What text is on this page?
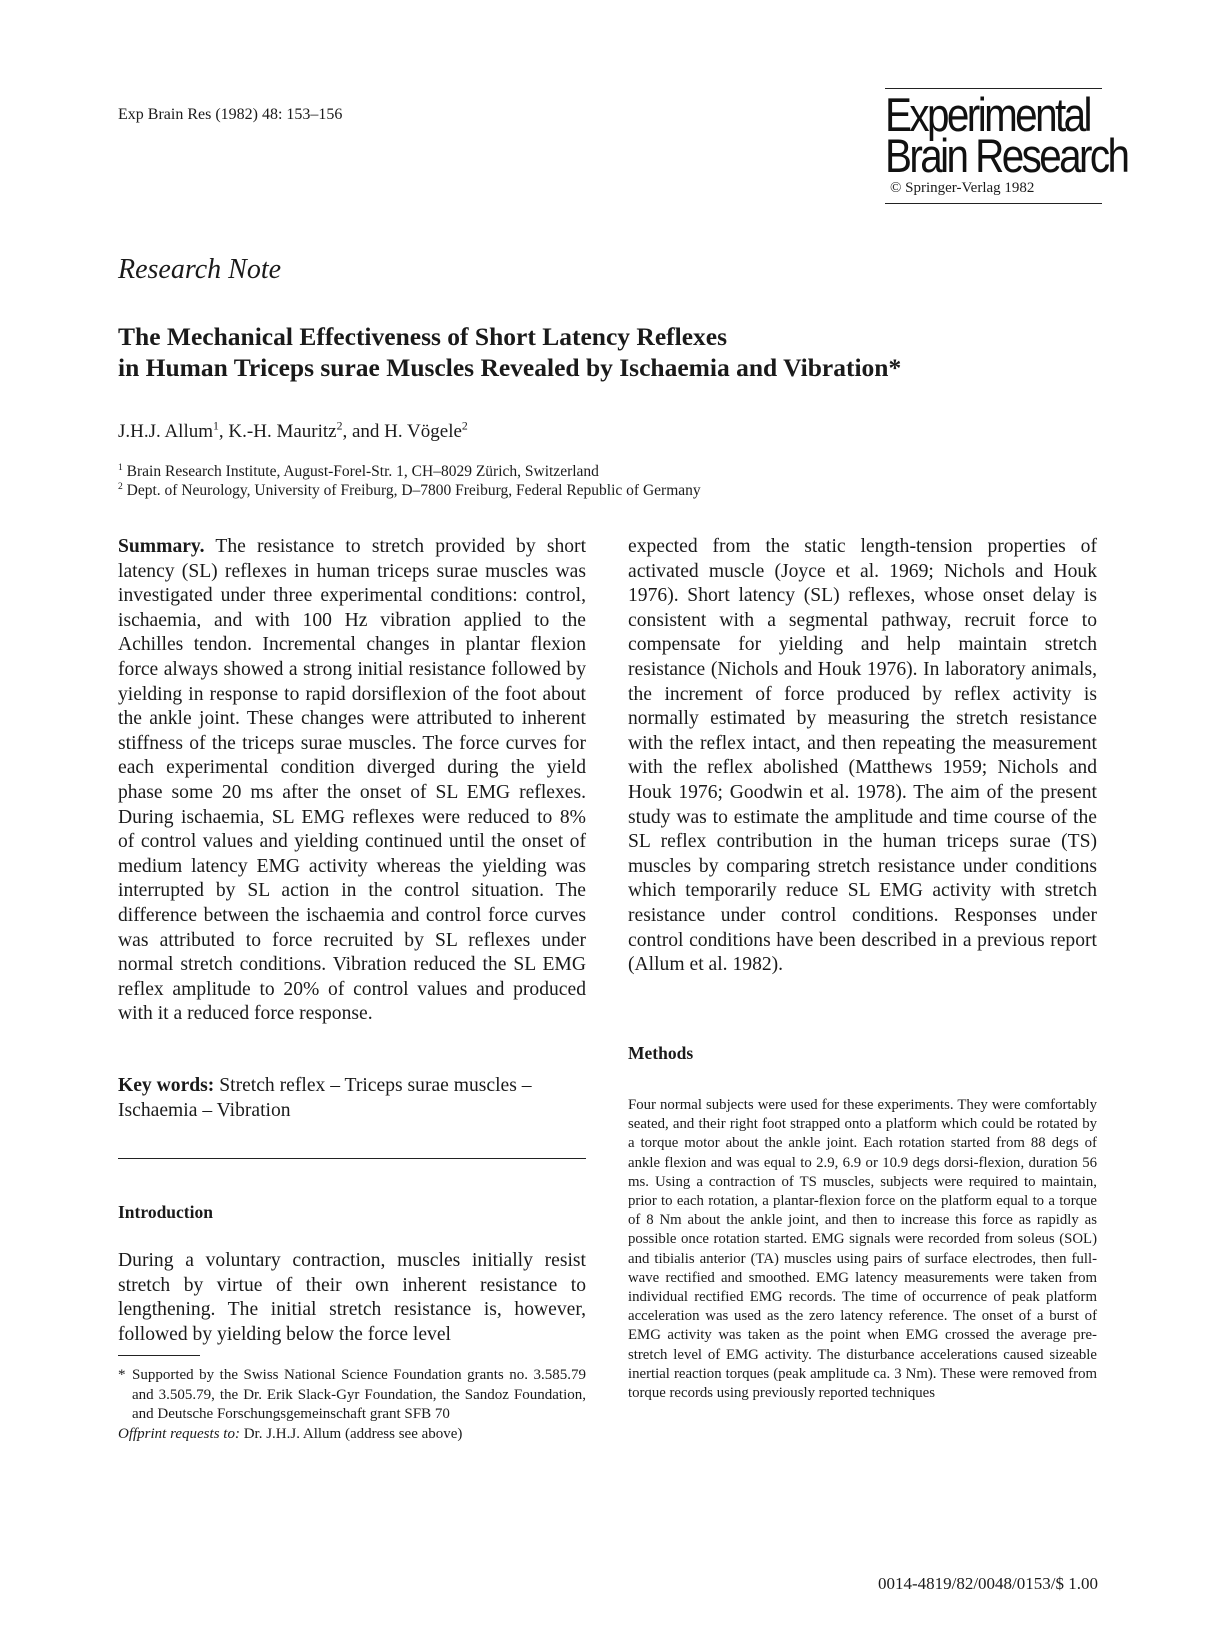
Exp Brain Res (1982) 48: 153–156	Experimental
Brain Research
© Springer-Verlag 1982
Research Note
The Mechanical Effectiveness of Short Latency Reflexes
in Human Triceps surae Muscles Revealed by Ischaemia and Vibration*
J.H.J. Allum$^1$, K.-H. Mauritz$^2$, and H. Vögele$^2$
$^1$ Brain Research Institute, August-Forel-Str. 1, CH–8029 Zürich, Switzerland
$^2$ Dept. of Neurology, University of Freiburg, D–7800 Freiburg, Federal Republic of Germany
Summary. The resistance to stretch provided by short latency (SL) reflexes in human triceps surae muscles was investigated under three experimental conditions: control, ischaemia, and with 100 Hz vibration applied to the Achilles tendon. Incremental changes in plantar flexion force always showed a strong initial resistance followed by yielding in response to rapid dorsiflexion of the foot about the ankle joint. These changes were attributed to inherent stiffness of the triceps surae muscles. The force curves for each experimental condition diverged during the yield phase some 20 ms after the onset of SL EMG reflexes. During ischaemia, SL EMG reflexes were reduced to 8% of control values and yielding continued until the onset of medium latency EMG activity whereas the yielding was interrupted by SL action in the control situation. The difference between the ischaemia and control force curves was attributed to force recruited by SL reflexes under normal stretch conditions. Vibration reduced the SL EMG reflex amplitude to 20% of control values and produced with it a reduced force response.
Key words: Stretch reflex – Triceps surae muscles – Ischaemia – Vibration
Introduction
During a voluntary contraction, muscles initially resist stretch by virtue of their own inherent resistance to lengthening. The initial stretch resistance is, however, followed by yielding below the force level
* Supported by the Swiss National Science Foundation grants no. 3.585.79 and 3.505.79, the Dr. Erik Slack-Gyr Foundation, the Sandoz Foundation, and Deutsche Forschungsgemeinschaft grant SFB 70
Offprint requests to: Dr. J.H.J. Allum (address see above)
expected from the static length-tension properties of activated muscle (Joyce et al. 1969; Nichols and Houk 1976). Short latency (SL) reflexes, whose onset delay is consistent with a segmental pathway, recruit force to compensate for yielding and help maintain stretch resistance (Nichols and Houk 1976). In laboratory animals, the increment of force produced by reflex activity is normally estimated by measuring the stretch resistance with the reflex intact, and then repeating the measurement with the reflex abolished (Matthews 1959; Nichols and Houk 1976; Goodwin et al. 1978). The aim of the present study was to estimate the amplitude and time course of the SL reflex contribution in the human triceps surae (TS) muscles by comparing stretch resistance under conditions which temporarily reduce SL EMG activity with stretch resistance under control conditions. Responses under control conditions have been described in a previous report (Allum et al. 1982).
Methods
Four normal subjects were used for these experiments. They were comfortably seated, and their right foot strapped onto a platform which could be rotated by a torque motor about the ankle joint. Each rotation started from 88 degs of ankle flexion and was equal to 2.9, 6.9 or 10.9 degs dorsi-flexion, duration 56 ms. Using a contraction of TS muscles, subjects were required to maintain, prior to each rotation, a plantar-flexion force on the platform equal to a torque of 8 Nm about the ankle joint, and then to increase this force as rapidly as possible once rotation started. EMG signals were recorded from soleus (SOL) and tibialis anterior (TA) muscles using pairs of surface electrodes, then full-wave rectified and smoothed. EMG latency measurements were taken from individual rectified EMG records. The time of occurrence of peak platform acceleration was used as the zero latency reference. The onset of a burst of EMG activity was taken as the point when EMG crossed the average pre-stretch level of EMG activity. The disturbance accelerations caused sizeable inertial reaction torques (peak amplitude ca. 3 Nm). These were removed from torque records using previously reported techniques
0014-4819/82/0048/0153/$ 1.00
